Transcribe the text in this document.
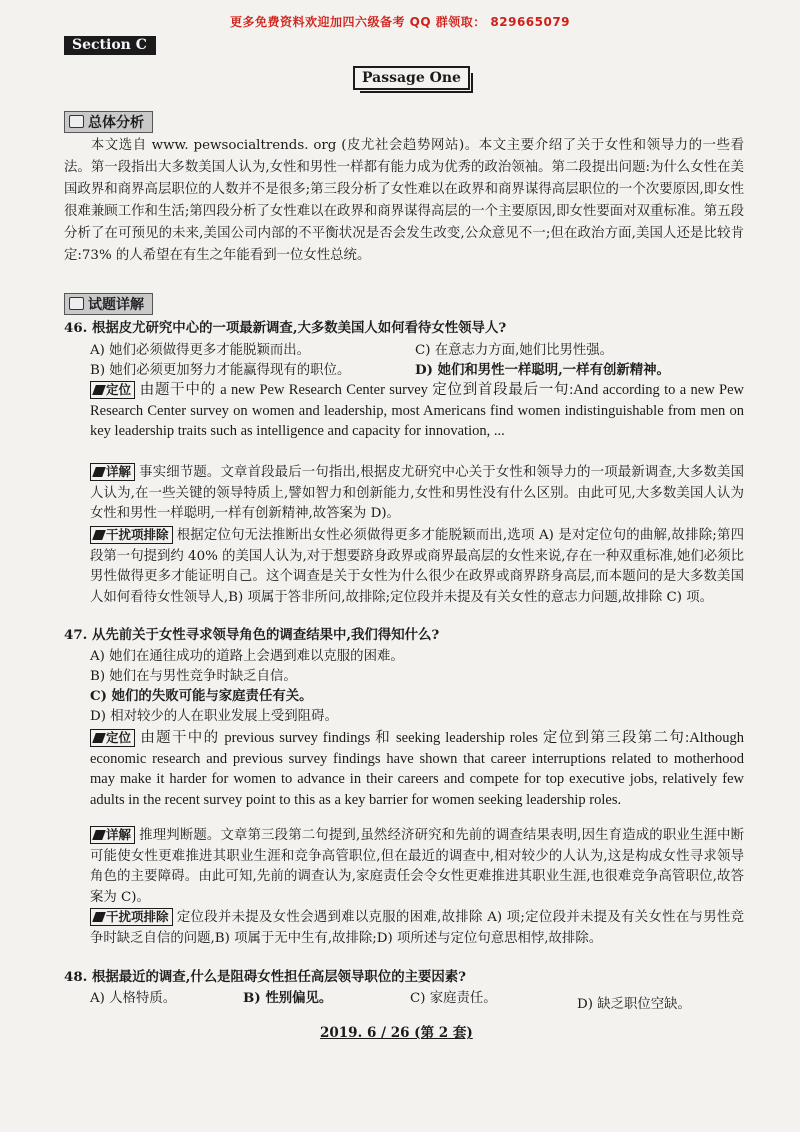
更多免费资料欢迎加四六级备考 QQ 群领取： 829665079
Section C
Passage One
总体分析
本文选自 www. pewsocialtrends. org (皮尤社会趋势网站)。本文主要介绍了关于女性和领导力的一些看法。第一段指出大多数美国人认为,女性和男性一样都有能力成为优秀的政治领袖。第二段提出问题:为什么女性在美国政界和商界高层职位的人数并不是很多;第三段分析了女性难以在政界和商界谋得高层职位的一个次要原因,即女性很难兼顾工作和生活;第四段分析了女性难以在政界和商界谋得高层的一个主要原因,即女性要面对双重标准。第五段分析了在可预见的未来,美国公司内部的不平衡状况是否会发生改变,公众意见不一;但在政治方面,美国人还是比较肯定:73% 的人希望在有生之年能看到一位女性总统。
试题详解
46. 根据皮尤研究中心的一项最新调查,大多数美国人如何看待女性领导人?
A) 她们必须做得更多才能脱颖而出。	C) 在意志力方面,她们比男性强。
B) 她们必须更加努力才能赢得现有的职位。	D) 她们和男性一样聪明,一样有创新精神。
定位 由题干中的 a new Pew Research Center survey 定位到首段最后一句:And according to a new Pew Research Center survey on women and leadership, most Americans find women indistinguishable from men on key leadership traits such as intelligence and capacity for innovation, ...
详解 事实细节题。文章首段最后一句指出,根据皮尤研究中心关于女性和领导力的一项最新调查,大多数美国人认为,在一些关键的领导特质上,譬如智力和创新能力,女性和男性没有什么区别。由此可见,大多数美国人认为女性和男性一样聪明,一样有创新精神,故答案为 D)。
干扰项排除 根据定位句无法推断出女性必须做得更多才能脱颖而出,选项 A) 是对定位句的曲解,故排除;第四段第一句提到约 40% 的美国人认为,对于想要跻身政界或商界最高层的女性来说,存在一种双重标准,她们必须比男性做得更多才能证明自己。这个调查是关于女性为什么很少在政界或商界跻身高层,而本题问的是大多数美国人如何看待女性领导人,B) 项属于答非所问,故排除;定位段并未提及有关女性的意志力问题,故排除 C) 项。
47. 从先前关于女性寻求领导角色的调查结果中,我们得知什么?
A) 她们在通往成功的道路上会遇到难以克服的困难。
B) 她们在与男性竞争时缺乏自信。
C) 她们的失败可能与家庭责任有关。
D) 相对较少的人在职业发展上受到阻碍。
定位 由题干中的 previous survey findings 和 seeking leadership roles 定位到第三段第二句:Although economic research and previous survey findings have shown that career interruptions related to motherhood may make it harder for women to advance in their careers and compete for top executive jobs, relatively few adults in the recent survey point to this as a key barrier for women seeking leadership roles.
详解 推理判断题。文章第三段第二句提到,虽然经济研究和先前的调查结果表明,因生育造成的职业生涯中断可能使女性更难推进其职业生涯和竞争高管职位,但在最近的调查中,相对较少的人认为,这是构成女性寻求领导角色的主要障碍。由此可知,先前的调查认为,家庭责任会令女性更难推进其职业生涯,也很难竞争高管职位,故答案为 C)。
干扰项排除 定位段并未提及女性会遇到难以克服的困难,故排除 A) 项;定位段并未提及有关女性在与男性竞争时缺乏自信的问题,B) 项属于无中生有,故排除;D) 项所述与定位句意思相悖,故排除。
48. 根据最近的调查,什么是阻碍女性担任高层领导职位的主要因素?
A) 人格特质。	B) 性别偏见。	C) 家庭责任。	D) 缺乏职位空缺。
2019. 6 / 26 (第 2 套)
